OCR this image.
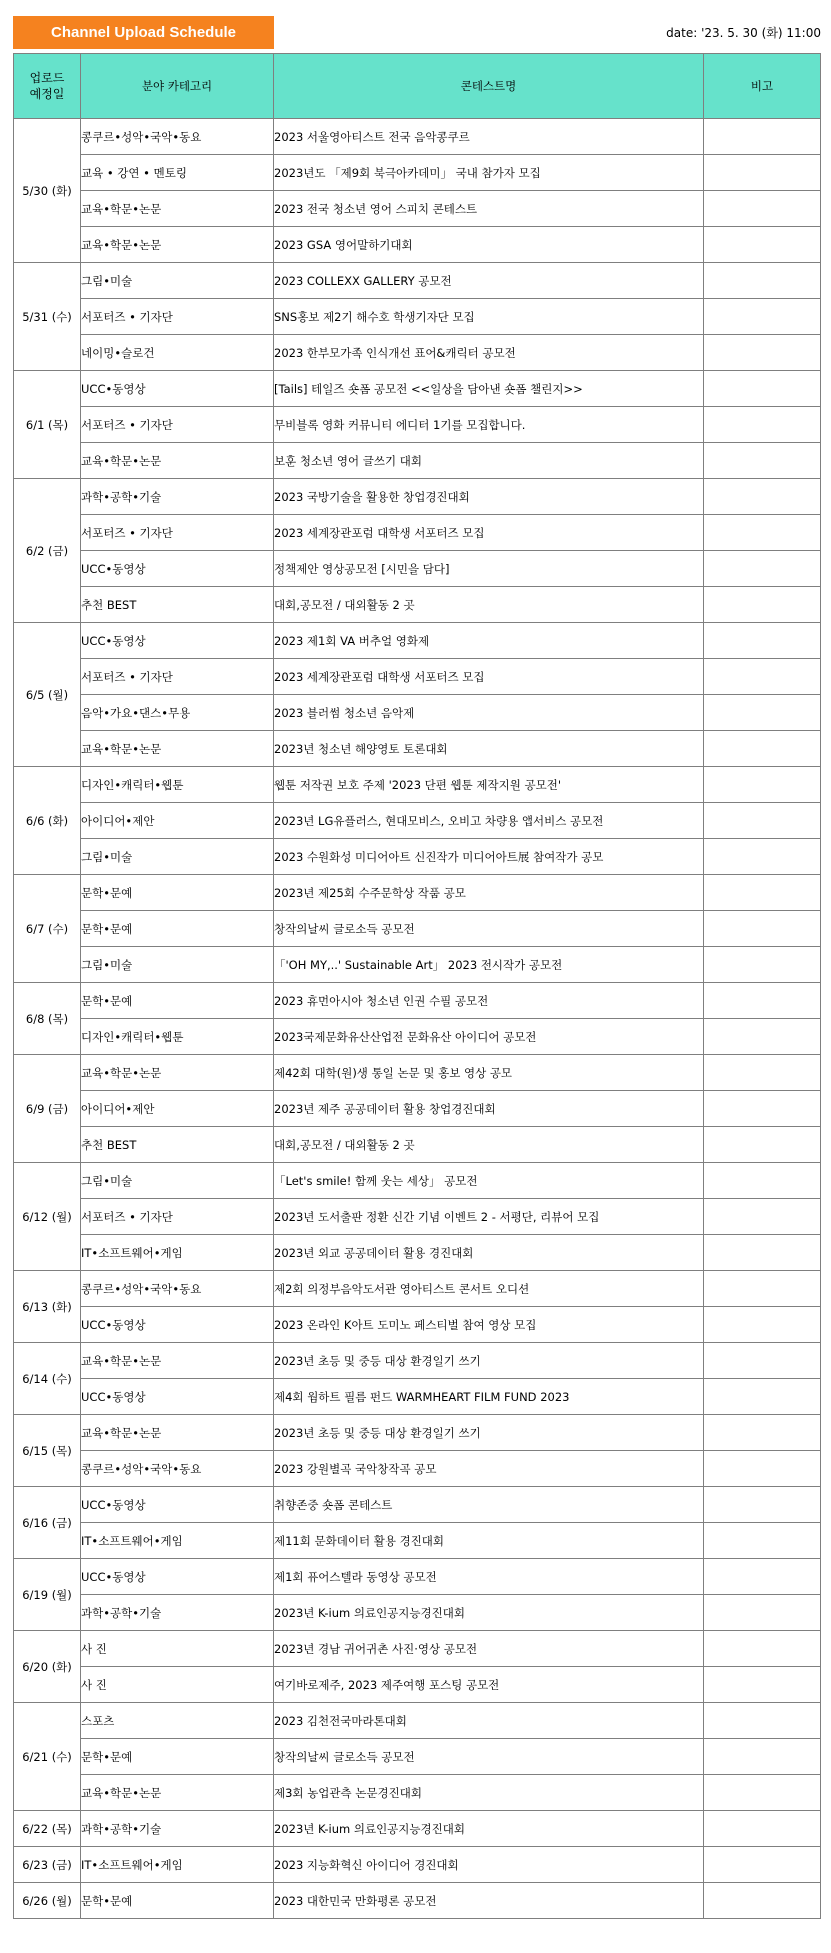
Channel Upload Schedule	date: '23. 5. 30 (화) 11:00
업로드
예정일	분야 카테고리	콘테스트명	비고
5/30 (화)	콩쿠르•성악•국악•동요	2023 서울영아티스트 전국 음악콩쿠르	
	교육 • 강연 • 멘토링	2023년도 「제9회 북극아카데미」 국내 참가자 모집	
	교육•학문•논문	2023 전국 청소년 영어 스피치 콘테스트	
	교육•학문•논문	2023 GSA 영어말하기대회	
5/31 (수)	그림•미술	2023 COLLEXX GALLERY 공모전	
	서포터즈 • 기자단	SNS홍보 제2기 해수호 학생기자단 모집	
	네이밍•슬로건	2023 한부모가족 인식개선 표어&캐릭터 공모전	
6/1 (목)	UCC•동영상	[Tails] 테일즈 숏폼 공모전 <<일상을 담아낸 숏폼 챌린지>>	
	서포터즈 • 기자단	무비블록 영화 커뮤니티 에디터 1기를 모집합니다.	
	교육•학문•논문	보훈 청소년 영어 글쓰기 대회	
6/2 (금)	과학•공학•기술	2023 국방기술을 활용한 창업경진대회	
	서포터즈 • 기자단	2023 세계장관포럼 대학생 서포터즈 모집	
	UCC•동영상	정책제안 영상공모전 [시민을 담다]	
	추천 BEST	대회,공모전 / 대외활동 2 곳	
6/5 (월)	UCC•동영상	2023 제1회 VA 버추얼 영화제	
	서포터즈 • 기자단	2023 세계장관포럼 대학생 서포터즈 모집	
	음악•가요•댄스•무용	2023 블러썸 청소년 음악제	
	교육•학문•논문	2023년 청소년 해양영토 토론대회	
6/6 (화)	디자인•캐릭터•웹툰	웹툰 저작권 보호 주제 '2023 단편 웹툰 제작지원 공모전'	
	아이디어•제안	2023년 LG유플러스, 현대모비스, 오비고 차량용 앱서비스 공모전	
	그림•미술	2023 수원화성 미디어아트 신진작가 미디어아트展 참여작가 공모	
6/7 (수)	문학•문예	2023년 제25회 수주문학상 작품 공모	
	문학•문예	창작의날씨 글로소득 공모전	
	그림•미술	「'OH MY,..' Sustainable Art」 2023 전시작가 공모전	
6/8 (목)	문학•문예	2023 휴먼아시아 청소년 인권 수필 공모전	
	디자인•캐릭터•웹툰	2023국제문화유산산업전 문화유산 아이디어 공모전	
6/9 (금)	교육•학문•논문	제42회 대학(원)생 통일 논문 및 홍보 영상 공모	
	아이디어•제안	2023년 제주 공공데이터 활용 창업경진대회	
	추천 BEST	대회,공모전 / 대외활동 2 곳	
6/12 (월)	그림•미술	「Let's smile! 함께 웃는 세상」 공모전	
	서포터즈 • 기자단	2023년 도서출판 정환 신간 기념 이벤트 2 - 서평단, 리뷰어 모집	
	IT•소프트웨어•게임	2023년 외교 공공데이터 활용 경진대회	
6/13 (화)	콩쿠르•성악•국악•동요	제2회 의정부음악도서관 영아티스트 콘서트 오디션	
	UCC•동영상	2023 온라인 K아트 도미노 페스티벌 참여 영상 모집	
6/14 (수)	교육•학문•논문	2023년 초등 및 중등 대상 환경일기 쓰기	
	UCC•동영상	제4회 웜하트 필름 펀드 WARMHEART FILM FUND 2023	
6/15 (목)	교육•학문•논문	2023년 초등 및 중등 대상 환경일기 쓰기	
	콩쿠르•성악•국악•동요	2023 강원별곡 국악창작곡 공모	
6/16 (금)	UCC•동영상	취향존중 숏폼 콘테스트	
	IT•소프트웨어•게임	제11회 문화데이터 활용 경진대회	
6/19 (월)	UCC•동영상	제1회 퓨어스텔라 동영상 공모전	
	과학•공학•기술	2023년 K-ium 의료인공지능경진대회	
6/20 (화)	사 진	2023년 경남 귀어귀촌 사진·영상 공모전	
	사 진	여기바로제주, 2023 제주여행 포스팅 공모전	
6/21 (수)	스포츠	2023 김천전국마라톤대회	
	문학•문예	창작의날씨 글로소득 공모전	
	교육•학문•논문	제3회 농업관측 논문경진대회	
6/22 (목)	과학•공학•기술	2023년 K-ium 의료인공지능경진대회	
6/23 (금)	IT•소프트웨어•게임	2023 지능화혁신 아이디어 경진대회	
6/26 (월)	문학•문예	2023 대한민국 만화평론 공모전	
